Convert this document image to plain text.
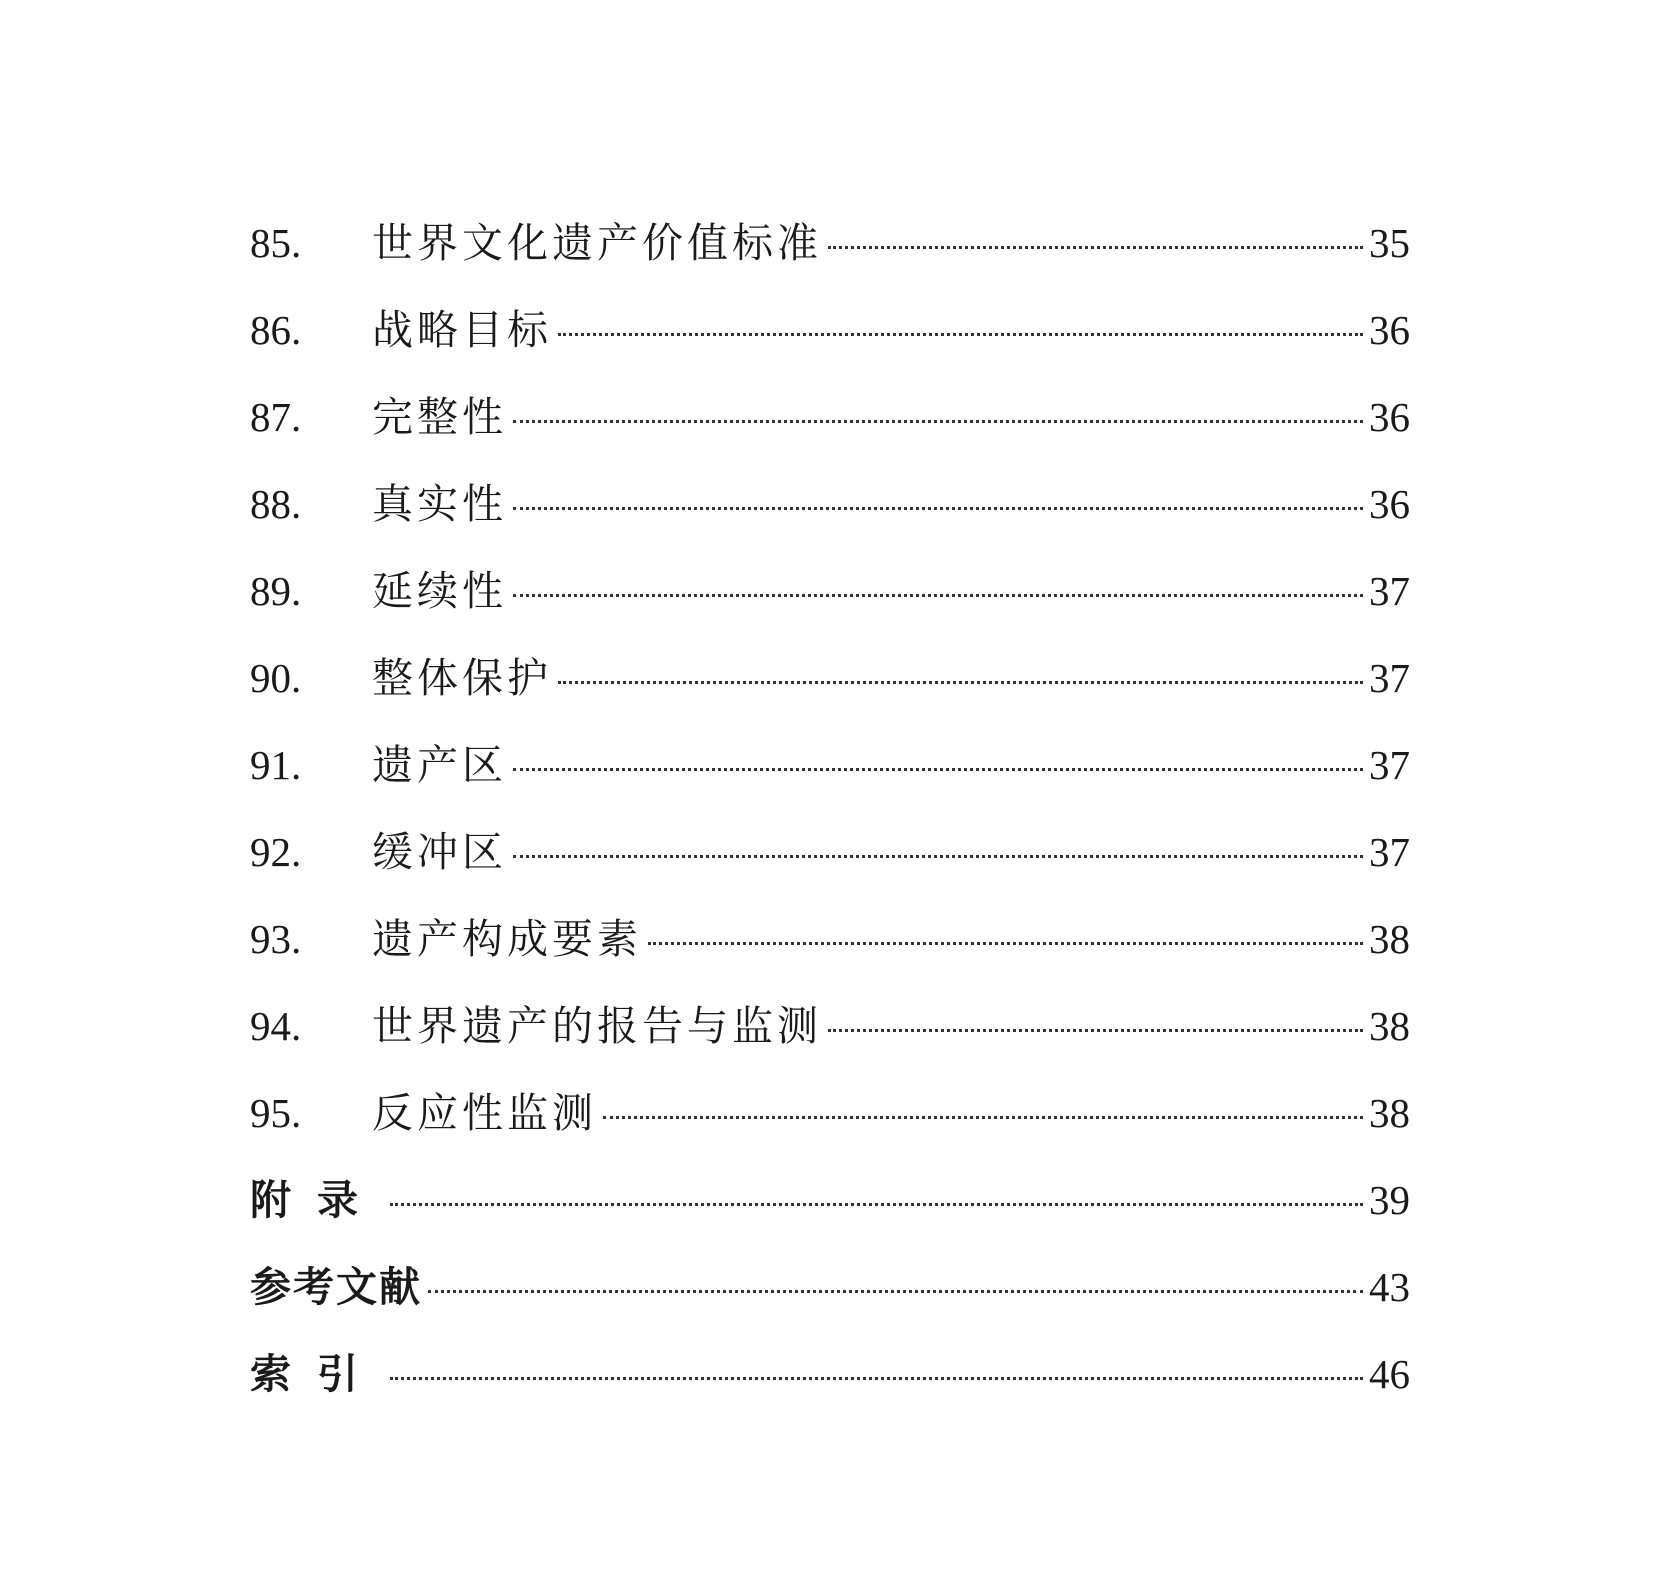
85.	世界文化遗产价值标准	35
86.	战略目标	36
87.	完整性	36
88.	真实性	36
89.	延续性	37
90.	整体保护	37
91.	遗产区	37
92.	缓冲区	37
93.	遗产构成要素	38
94.	世界遗产的报告与监测	38
95.	反应性监测	38
附录	39
参考文献	43
索引	46
